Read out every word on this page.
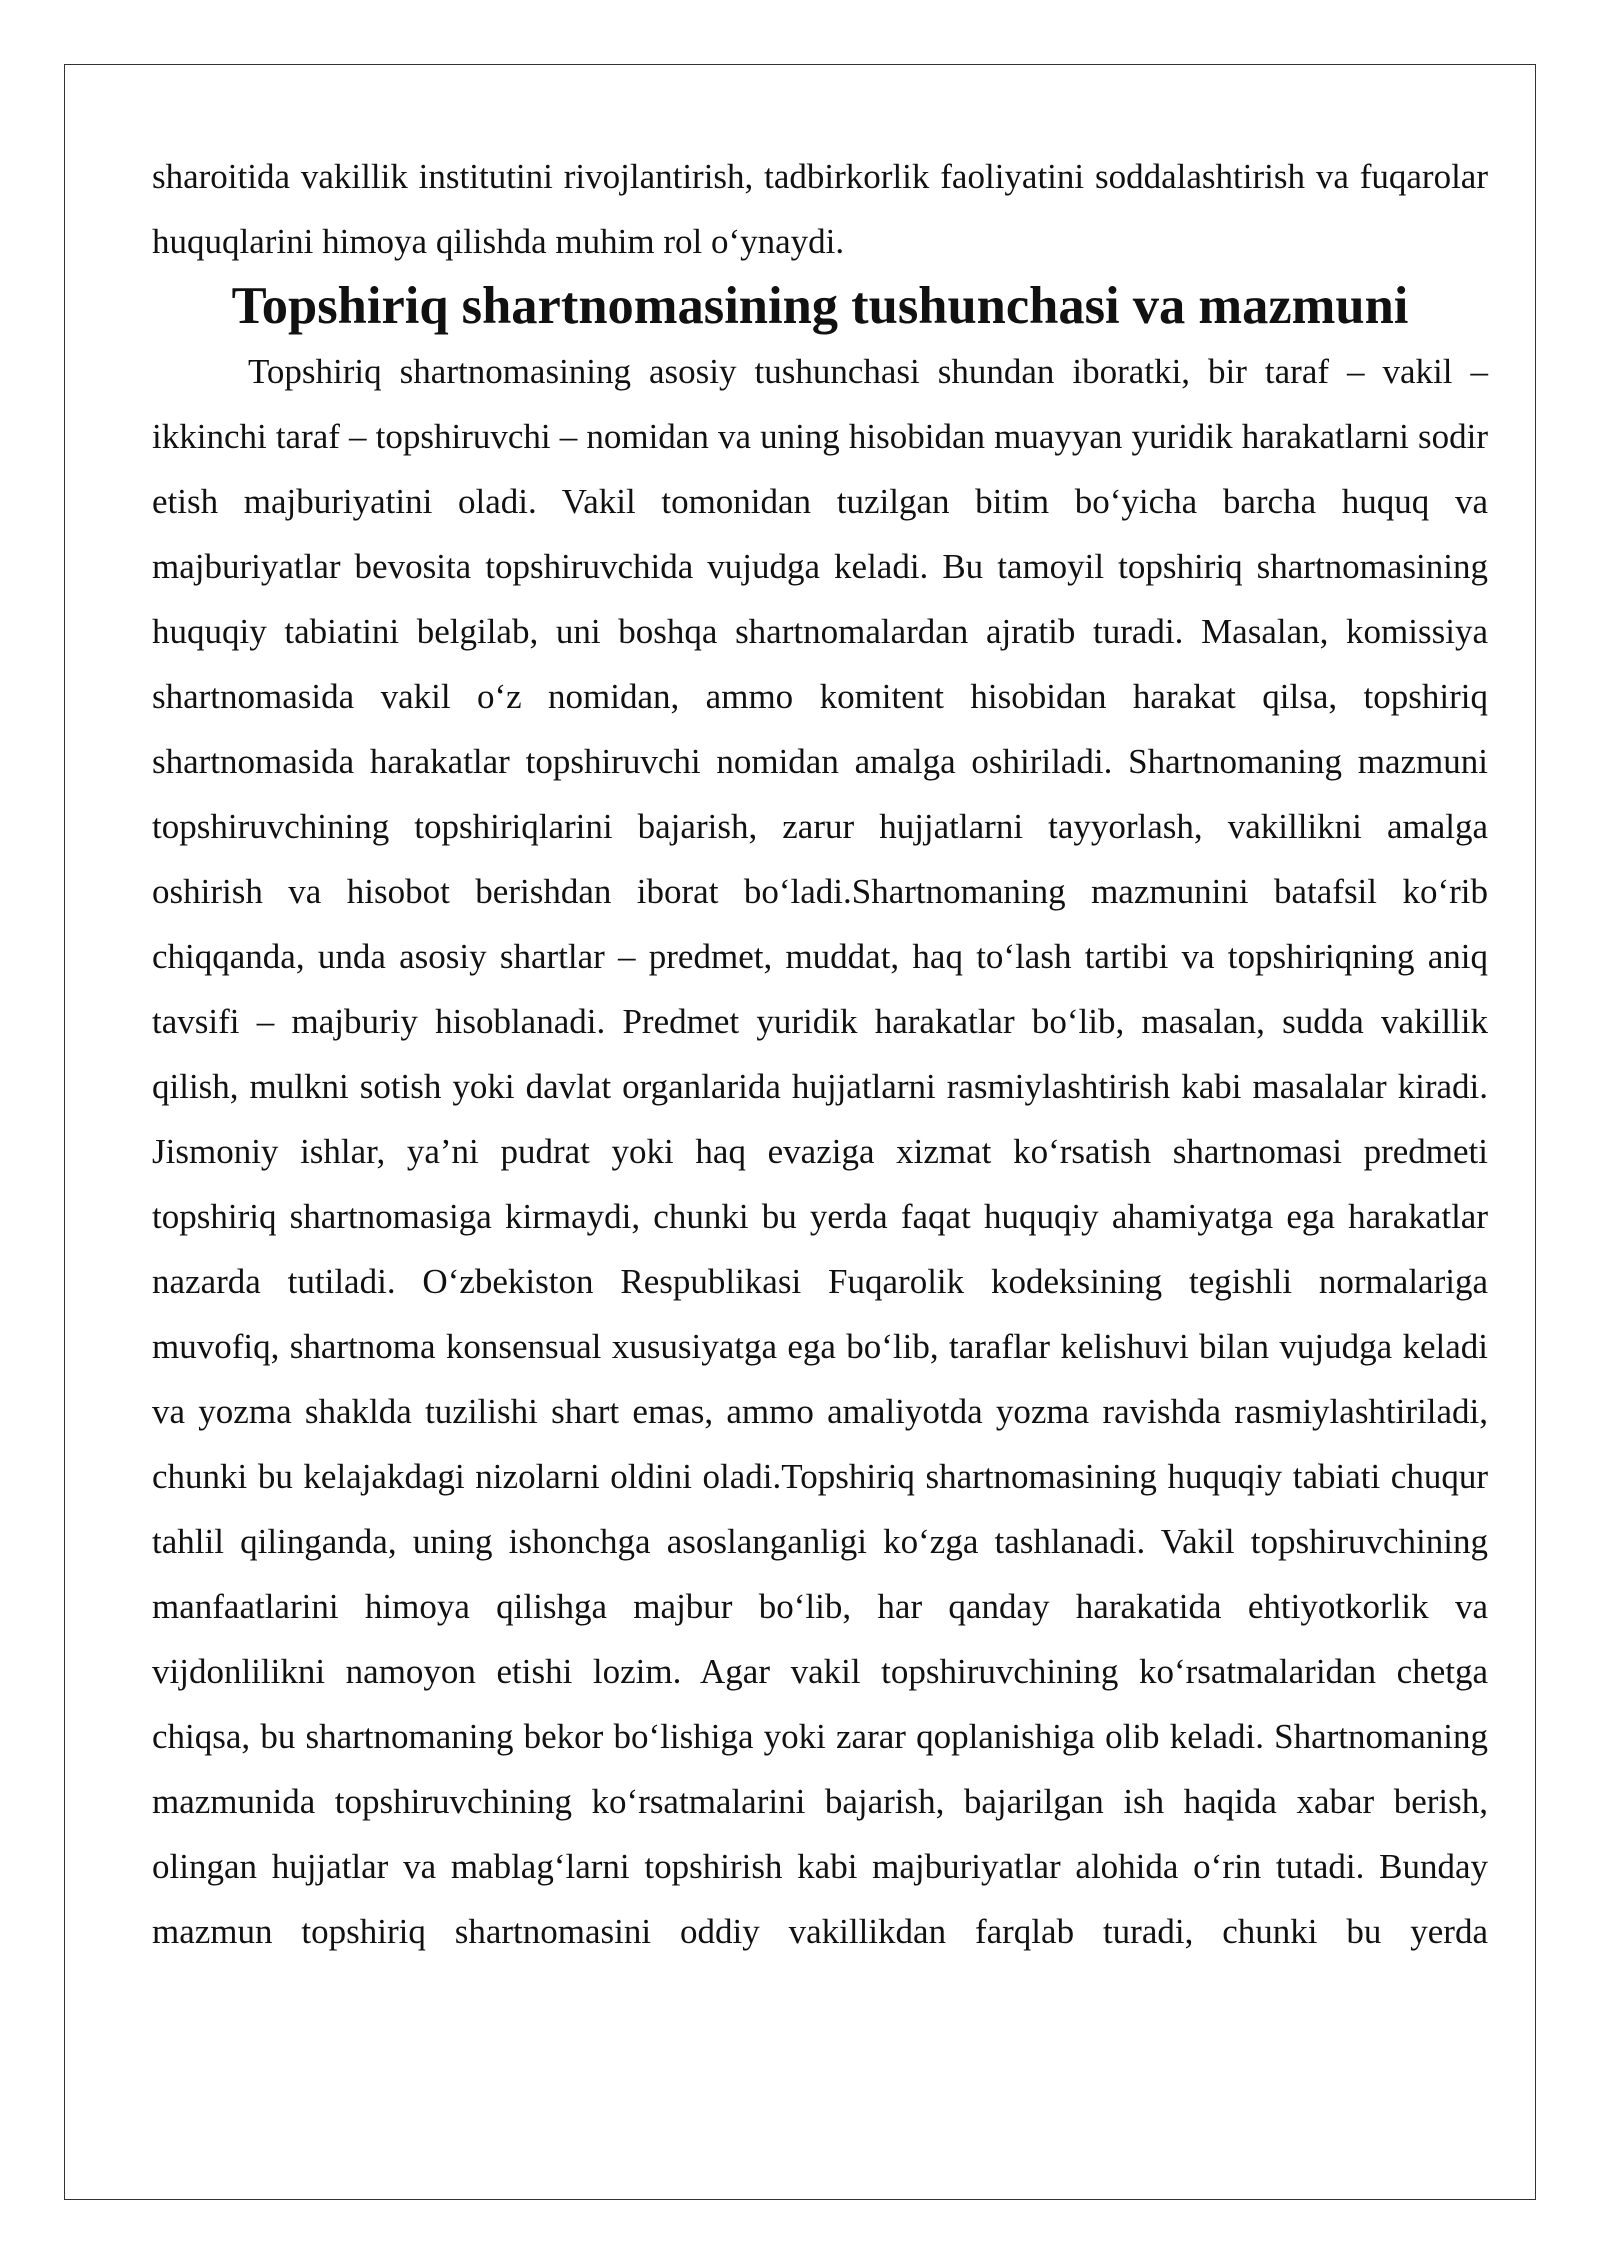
sharoitida vakillik institutini rivojlantirish, tadbirkorlik faoliyatini soddalashtirish va fuqarolar huquqlarini himoya qilishda muhim rol o‘ynaydi.

Topshiriq shartnomasining tushunchasi va mazmuni

Topshiriq shartnomasining asosiy tushunchasi shundan iboratki, bir taraf – vakil – ikkinchi taraf – topshiruvchi – nomidan va uning hisobidan muayyan yuridik harakatlarni sodir etish majburiyatini oladi. Vakil tomonidan tuzilgan bitim bo‘yicha barcha huquq va majburiyatlar bevosita topshiruvchida vujudga keladi. Bu tamoyil topshiriq shartnomasining huquqiy tabiatini belgilab, uni boshqa shartnomalardan ajratib turadi. Masalan, komissiya shartnomasida vakil o‘z nomidan, ammo komitent hisobidan harakat qilsa, topshiriq shartnomasida harakatlar topshiruvchi nomidan amalga oshiriladi. Shartnomaning mazmuni topshiruvchining topshiriqlarini bajarish, zarur hujjatlarni tayyorlash, vakillikni amalga oshirish va hisobot berishdan iborat bo‘ladi.Shartnomaning mazmunini batafsil ko‘rib chiqqanda, unda asosiy shartlar – predmet, muddat, haq to‘lash tartibi va topshiriqning aniq tavsifi – majburiy hisoblanadi. Predmet yuridik harakatlar bo‘lib, masalan, sudda vakillik qilish, mulkni sotish yoki davlat organlarida hujjatlarni rasmiylashtirish kabi masalalar kiradi. Jismoniy ishlar, ya’ni pudrat yoki haq evaziga xizmat ko‘rsatish shartnomasi predmeti topshiriq shartnomasiga kirmaydi, chunki bu yerda faqat huquqiy ahamiyatga ega harakatlar nazarda tutiladi. O‘zbekiston Respublikasi Fuqarolik kodeksining tegishli normalariga muvofiq, shartnoma konsensual xususiyatga ega bo‘lib, taraflar kelishuvi bilan vujudga keladi va yozma shaklda tuzilishi shart emas, ammo amaliyotda yozma ravishda rasmiylashtiriladi, chunki bu kelajakdagi nizolarni oldini oladi.Topshiriq shartnomasining huquqiy tabiati chuqur tahlil qilinganda, uning ishonchga asoslanganligi ko‘zga tashlanadi. Vakil topshiruvchining manfaatlarini himoya qilishga majbur bo‘lib, har qanday harakatida ehtiyotkorlik va vijdonlilikni namoyon etishi lozim. Agar vakil topshiruvchining ko‘rsatmalaridan chetga chiqsa, bu shartnomaning bekor bo‘lishiga yoki zarar qoplanishiga olib keladi. Shartnomaning mazmunida topshiruvchining ko‘rsatmalarini bajarish, bajarilgan ish haqida xabar berish, olingan hujjatlar va mablag‘larni topshirish kabi majburiyatlar alohida o‘rin tutadi. Bunday mazmun topshiriq shartnomasini oddiy vakillikdan farqlab turadi, chunki bu yerda
